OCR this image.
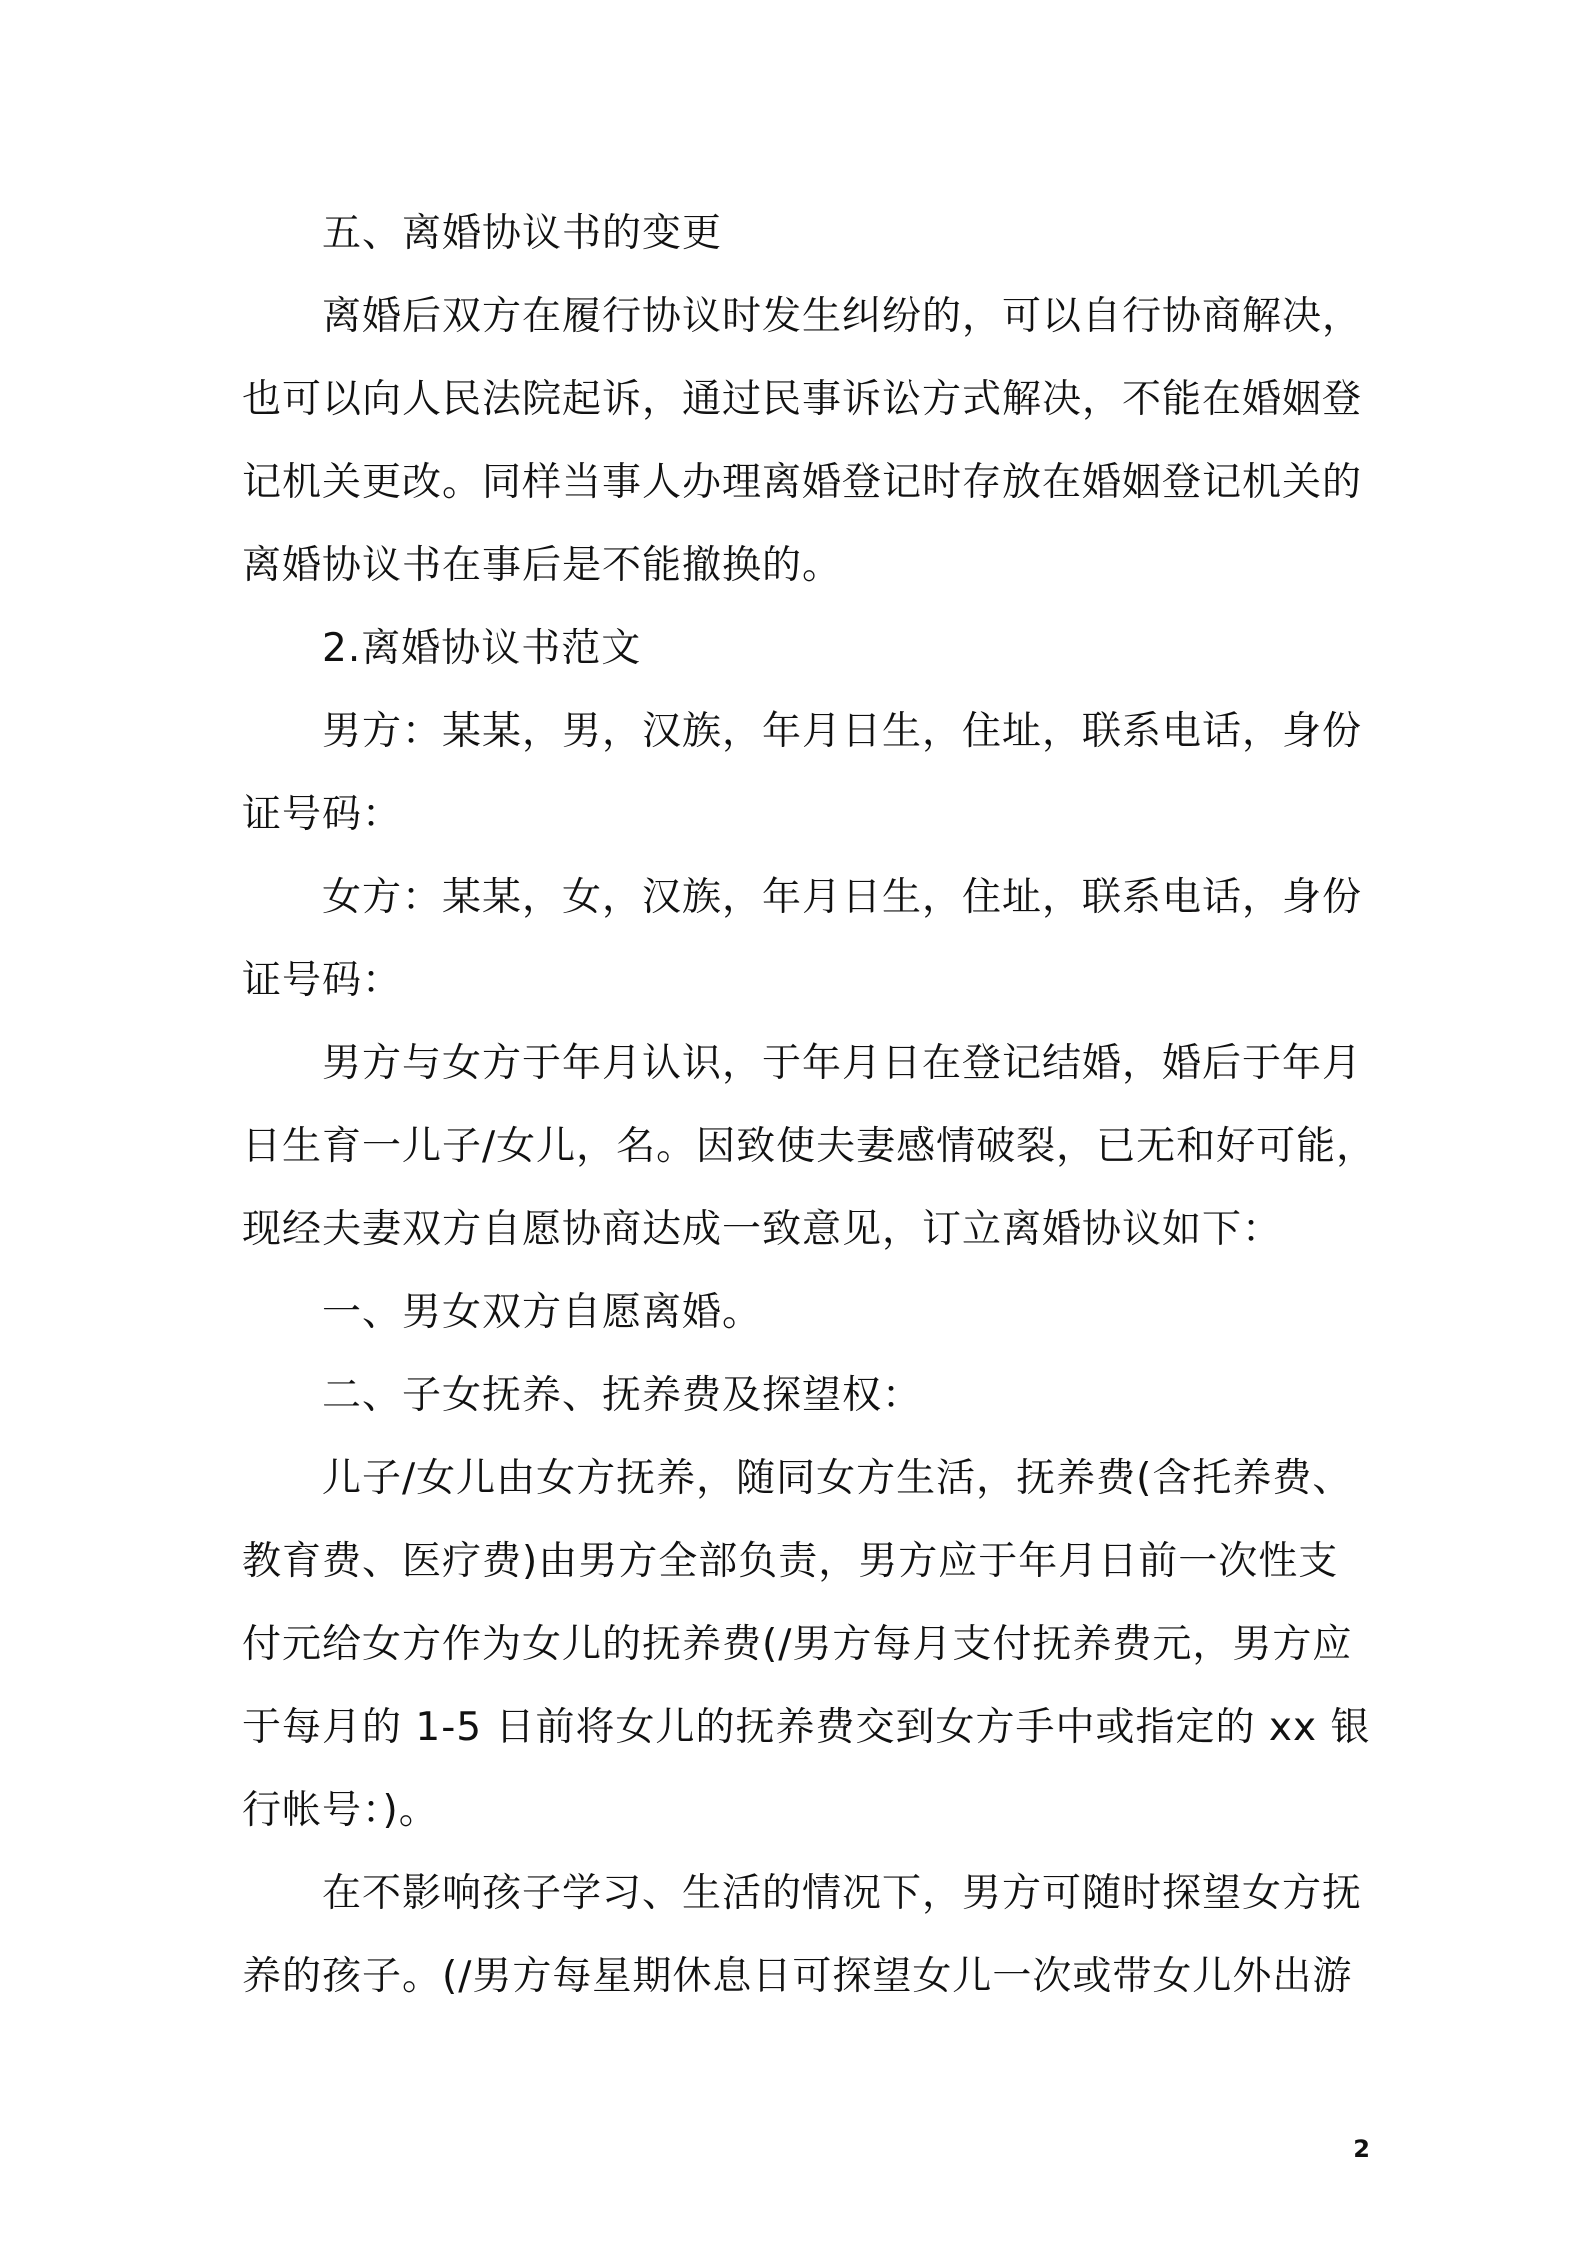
五、离婚协议书的变更
离婚后双方在履行协议时发生纠纷的，可以自行协商解决，
也可以向人民法院起诉，通过民事诉讼方式解决，不能在婚姻登
记机关更改。同样当事人办理离婚登记时存放在婚姻登记机关的
离婚协议书在事后是不能撤换的。
2.离婚协议书范文
男方：某某，男，汉族，年月日生，住址，联系电话，身份
证号码：
女方：某某，女，汉族，年月日生，住址，联系电话，身份
证号码：
男方与女方于年月认识，于年月日在登记结婚，婚后于年月
日生育一儿子/女儿，名。因致使夫妻感情破裂，已无和好可能，
现经夫妻双方自愿协商达成一致意见，订立离婚协议如下：
一、男女双方自愿离婚。
二、子女抚养、抚养费及探望权：
儿子/女儿由女方抚养，随同女方生活，抚养费(含托养费、
教育费、医疗费)由男方全部负责，男方应于年月日前一次性支
付元给女方作为女儿的抚养费(/男方每月支付抚养费元，男方应
于每月的 1-5 日前将女儿的抚养费交到女方手中或指定的 xx 银
行帐号：)。
在不影响孩子学习、生活的情况下，男方可随时探望女方抚
养的孩子。(/男方每星期休息日可探望女儿一次或带女儿外出游
2
